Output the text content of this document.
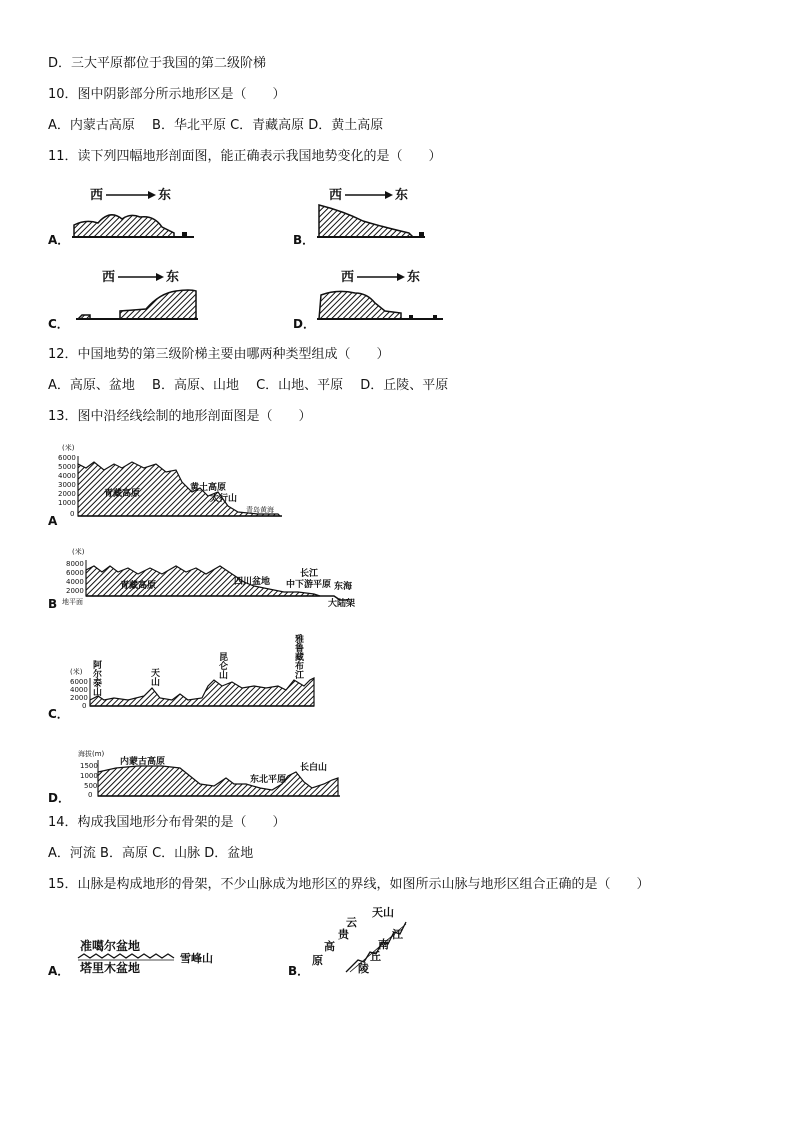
D．三大平原都位于我国的第二级阶梯
10．图中阴影部分所示地形区是（　　）
A．内蒙古高原　 B．华北平原 C．青藏高原 D．黄土高原
11．读下列四幅地形剖面图，能正确表示我国地势变化的是（　　）
A．
西	东
B．
西	东
C．
西	东
D．
西	东
12．中国地势的第三级阶梯主要由哪两种类型组成（　　）
A．高原、盆地　 B．高原、山地　 C．山地、平原　 D．丘陵、平原
13．图中沿经线绘制的地形剖面图是（　　）
A
(米)
6000
5000
4000
3000
2000
1000
0
青藏高原
黄土高原
太行山
青岛黄海
B
(米)
8000
6000
4000
2000
地平面
青藏高原	四川盆地
长江
中下游平原 东海
大陆架
C．
(米)
6000
4000
2000
0
阿尔泰山	天山	昆仑山	雅鲁藏布江
D．
海拔(m)
1500
1000
500
0
内蒙古高原
东北平原
长白山
14．构成我国地形分布骨架的是（　　）
A．河流 B．高原 C．山脉 D．盆地
15．山脉是构成地形的骨架，不少山脉成为地形区的界线，如图所示山脉与地形区组合正确的是（　　）
A．
准噶尔盆地
塔里木盆地
雪峰山
B．
天山
云
贵
高
原
江
南
丘
陵
